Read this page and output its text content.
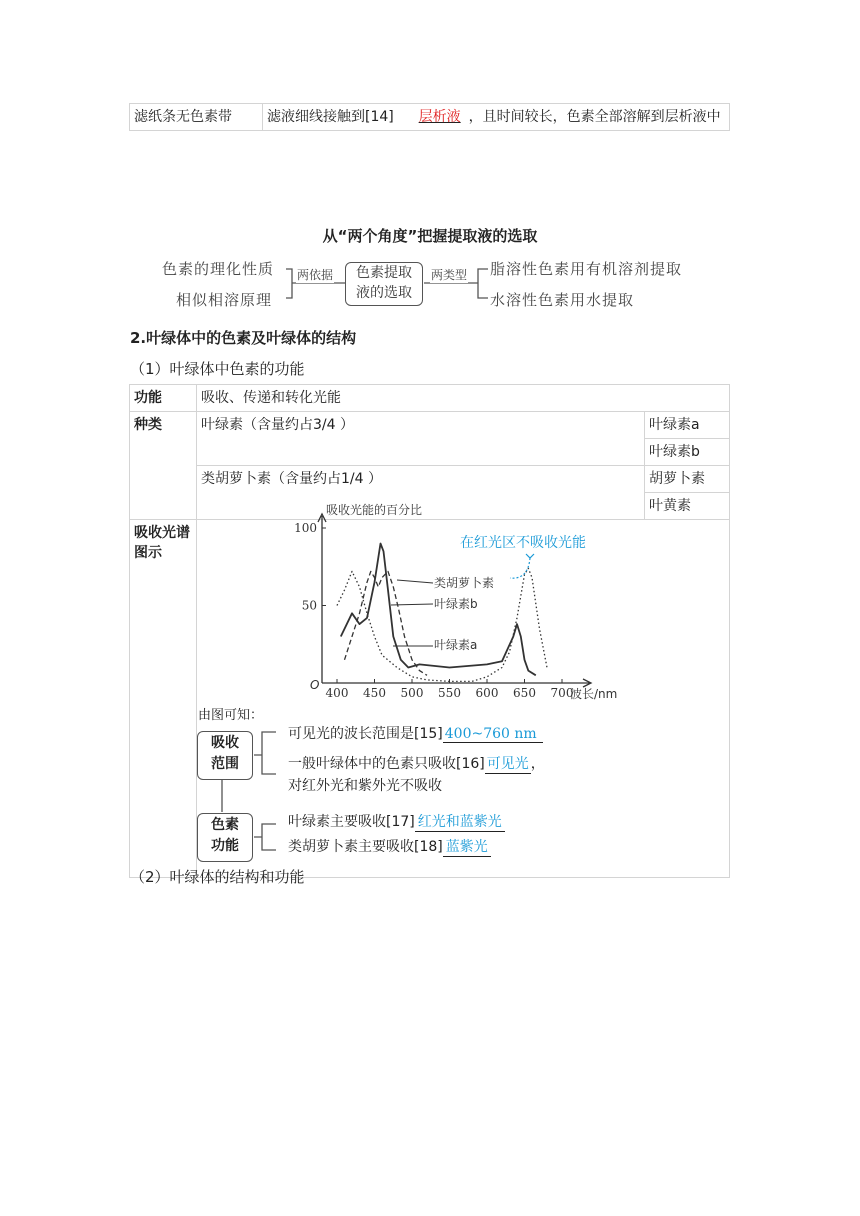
滤纸条无色素带	滤液细线接触到[14] 层析液 ，且时间较长，色素全部溶解到层析液中
从“两个角度”把握提取液的选取
色素的理化性质
相似相溶原理
两依据	色素提取
液的选取
两类型 脂溶性色素用有机溶剂提取
水溶性色素用水提取
2.叶绿体中的色素及叶绿体的结构
（1）叶绿体中色素的功能
功能	吸收、传递和转化光能	
种类	叶绿素（含量约占3/4 ）	叶绿素a
		叶绿素b
	类胡萝卜素（含量约占1/4 ）	胡萝卜素
		叶黄素

吸收光谱
图示		

吸收光能的百分比
O
100
50
400 450 500 550 600 650 700
波长/nm
类胡萝卜素
叶绿素b
叶绿素a
在红光区不吸收光能
由图可知：
吸收
范围
色素
功能
可见光的波长范围是[15] 400~760 nm
一般叶绿体中的色素只吸收[16] 可见光 ，
对红外光和紫外光不吸收
叶绿素主要吸收[17] 红光和蓝紫光
类胡萝卜素主要吸收[18] 蓝紫光
（2）叶绿体的结构和功能
